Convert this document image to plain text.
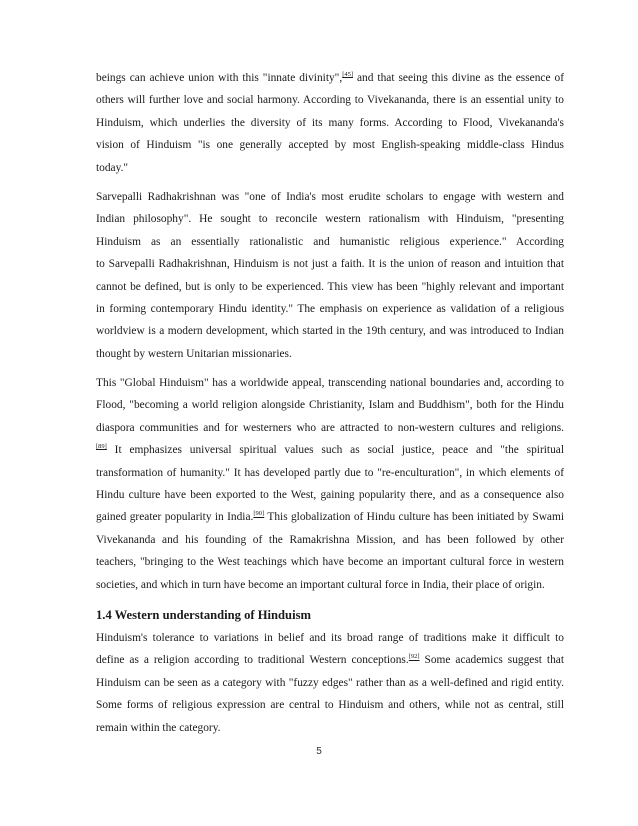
beings can achieve union with this "innate divinity",[45] and that seeing this divine as the essence of
others will further love and social harmony. According to Vivekananda, there is an essential unity to
Hinduism, which underlies the diversity of its many forms. According to Flood, Vivekananda's
vision of Hinduism "is one generally accepted by most English-speaking middle-class Hindus
today."
Sarvepalli Radhakrishnan was "one of India's most erudite scholars to engage with western and
Indian philosophy". He sought to reconcile western rationalism with Hinduism, "presenting
Hinduism as an essentially rationalistic and humanistic religious experience." According
to Sarvepalli Radhakrishnan, Hinduism is not just a faith. It is the union of reason and intuition that
cannot be defined, but is only to be experienced. This view has been "highly relevant and important
in forming contemporary Hindu identity." The emphasis on experience as validation of a religious
worldview is a modern development, which started in the 19th century, and was introduced to Indian
thought by western Unitarian missionaries.
This "Global Hinduism" has a worldwide appeal, transcending national boundaries and, according to
Flood, "becoming a world religion alongside Christianity, Islam and Buddhism", both for the Hindu
diaspora communities and for westerners who are attracted to non-western cultures and religions.
[89] It emphasizes universal spiritual values such as social justice, peace and "the spiritual
transformation of humanity." It has developed partly due to "re-enculturation", in which elements of
Hindu culture have been exported to the West, gaining popularity there, and as a consequence also
gained greater popularity in India.[90] This globalization of Hindu culture has been initiated by Swami
Vivekananda and his founding of the Ramakrishna Mission, and has been followed by other
teachers, "bringing to the West teachings which have become an important cultural force in western
societies, and which in turn have become an important cultural force in India, their place of origin.
1.4 Western understanding of Hinduism
Hinduism's tolerance to variations in belief and its broad range of traditions make it difficult to
define as a religion according to traditional Western conceptions.[92] Some academics suggest that
Hinduism can be seen as a category with "fuzzy edges" rather than as a well-defined and rigid entity.
Some forms of religious expression are central to Hinduism and others, while not as central, still
remain within the category.
5
